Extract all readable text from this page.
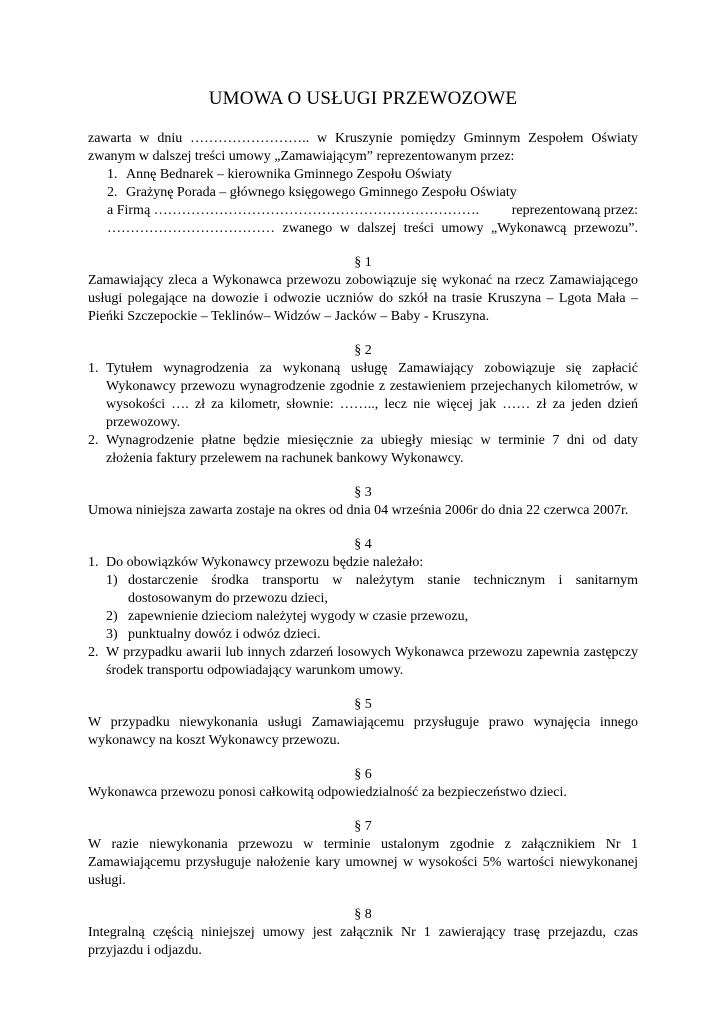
UMOWA O USŁUGI PRZEWOZOWE

zawarta w dniu …………………….. w Kruszynie pomiędzy Gminnym Zespołem Oświaty zwanym w dalszej treści umowy „Zamawiającym” reprezentowanym przez:

1. Annę Bednarek – kierownika Gminnego Zespołu Oświaty
2. Grażynę Porada – głównego księgowego Gminnego Zespołu Oświaty
a Firmą …………………………………………………………….	reprezentowaną przez:
……………………………… zwanego w dalszej treści umowy „Wykonawcą przewozu”.

§ 1

Zamawiający zleca a Wykonawca przewozu zobowiązuje się wykonać na rzecz Zamawiającego usługi polegające na dowozie i odwozie uczniów do szkół na trasie Kruszyna – Lgota Mała – Pieńki Szczepockie – Teklinów– Widzów – Jacków – Baby - Kruszyna.

§ 2

1. Tytułem wynagrodzenia za wykonaną usługę Zamawiający zobowiązuje się zapłacić Wykonawcy przewozu wynagrodzenie zgodnie z zestawieniem przejechanych kilometrów, w wysokości …. zł za kilometr, słownie: …….., lecz nie więcej jak …… zł za jeden dzień przewozowy.
2. Wynagrodzenie płatne będzie miesięcznie za ubiegły miesiąc w terminie 7 dni od daty złożenia faktury przelewem na rachunek bankowy Wykonawcy.

§ 3

Umowa niniejsza zawarta zostaje na okres od dnia 04 września 2006r do dnia 22 czerwca 2007r.

§ 4

1. Do obowiązków Wykonawcy przewozu będzie należało:
1) dostarczenie środka transportu w należytym stanie technicznym i sanitarnym dostosowanym do przewozu dzieci,
2) zapewnienie dzieciom należytej wygody w czasie przewozu,
3) punktualny dowóz i odwóz dzieci.
2. W przypadku awarii lub innych zdarzeń losowych Wykonawca przewozu zapewnia zastępczy środek transportu odpowiadający warunkom umowy.

§ 5

W przypadku niewykonania usługi Zamawiającemu przysługuje prawo wynajęcia innego wykonawcy na koszt Wykonawcy przewozu.

§ 6

Wykonawca przewozu ponosi całkowitą odpowiedzialność za bezpieczeństwo dzieci.

§ 7

W razie niewykonania przewozu w terminie ustalonym zgodnie z załącznikiem Nr 1 Zamawiającemu przysługuje nałożenie kary umownej w wysokości 5% wartości niewykonanej usługi.

§ 8

Integralną częścią niniejszej umowy jest załącznik Nr 1 zawierający trasę przejazdu, czas przyjazdu i odjazdu.
